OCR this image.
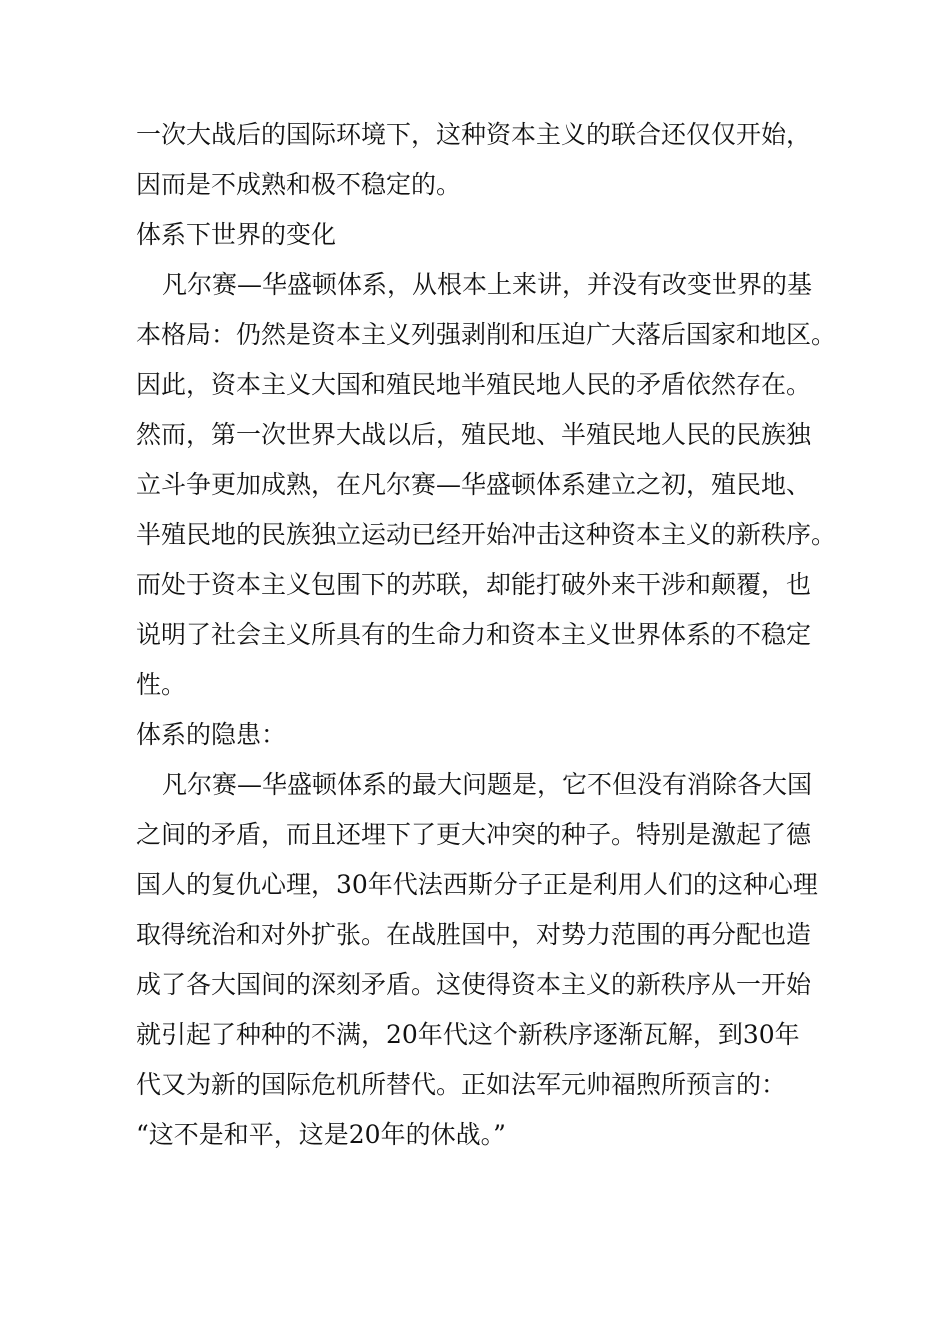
一次大战后的国际环境下，这种资本主义的联合还仅仅开始，
因而是不成熟和极不稳定的。
体系下世界的变化
凡尔赛—华盛顿体系，从根本上来讲，并没有改变世界的基
本格局：仍然是资本主义列强剥削和压迫广大落后国家和地区。
因此，资本主义大国和殖民地半殖民地人民的矛盾依然存在。
然而，第一次世界大战以后，殖民地、半殖民地人民的民族独
立斗争更加成熟，在凡尔赛—华盛顿体系建立之初，殖民地、
半殖民地的民族独立运动已经开始冲击这种资本主义的新秩序。
而处于资本主义包围下的苏联，却能打破外来干涉和颠覆，也
说明了社会主义所具有的生命力和资本主义世界体系的不稳定
性。
体系的隐患：
凡尔赛—华盛顿体系的最大问题是，它不但没有消除各大国
之间的矛盾，而且还埋下了更大冲突的种子。特别是激起了德
国人的复仇心理，30年代法西斯分子正是利用人们的这种心理
取得统治和对外扩张。在战胜国中，对势力范围的再分配也造
成了各大国间的深刻矛盾。这使得资本主义的新秩序从一开始
就引起了种种的不满，20年代这个新秩序逐渐瓦解，到30年
代又为新的国际危机所替代。正如法军元帅福煦所预言的：
“这不是和平，这是20年的休战。”
